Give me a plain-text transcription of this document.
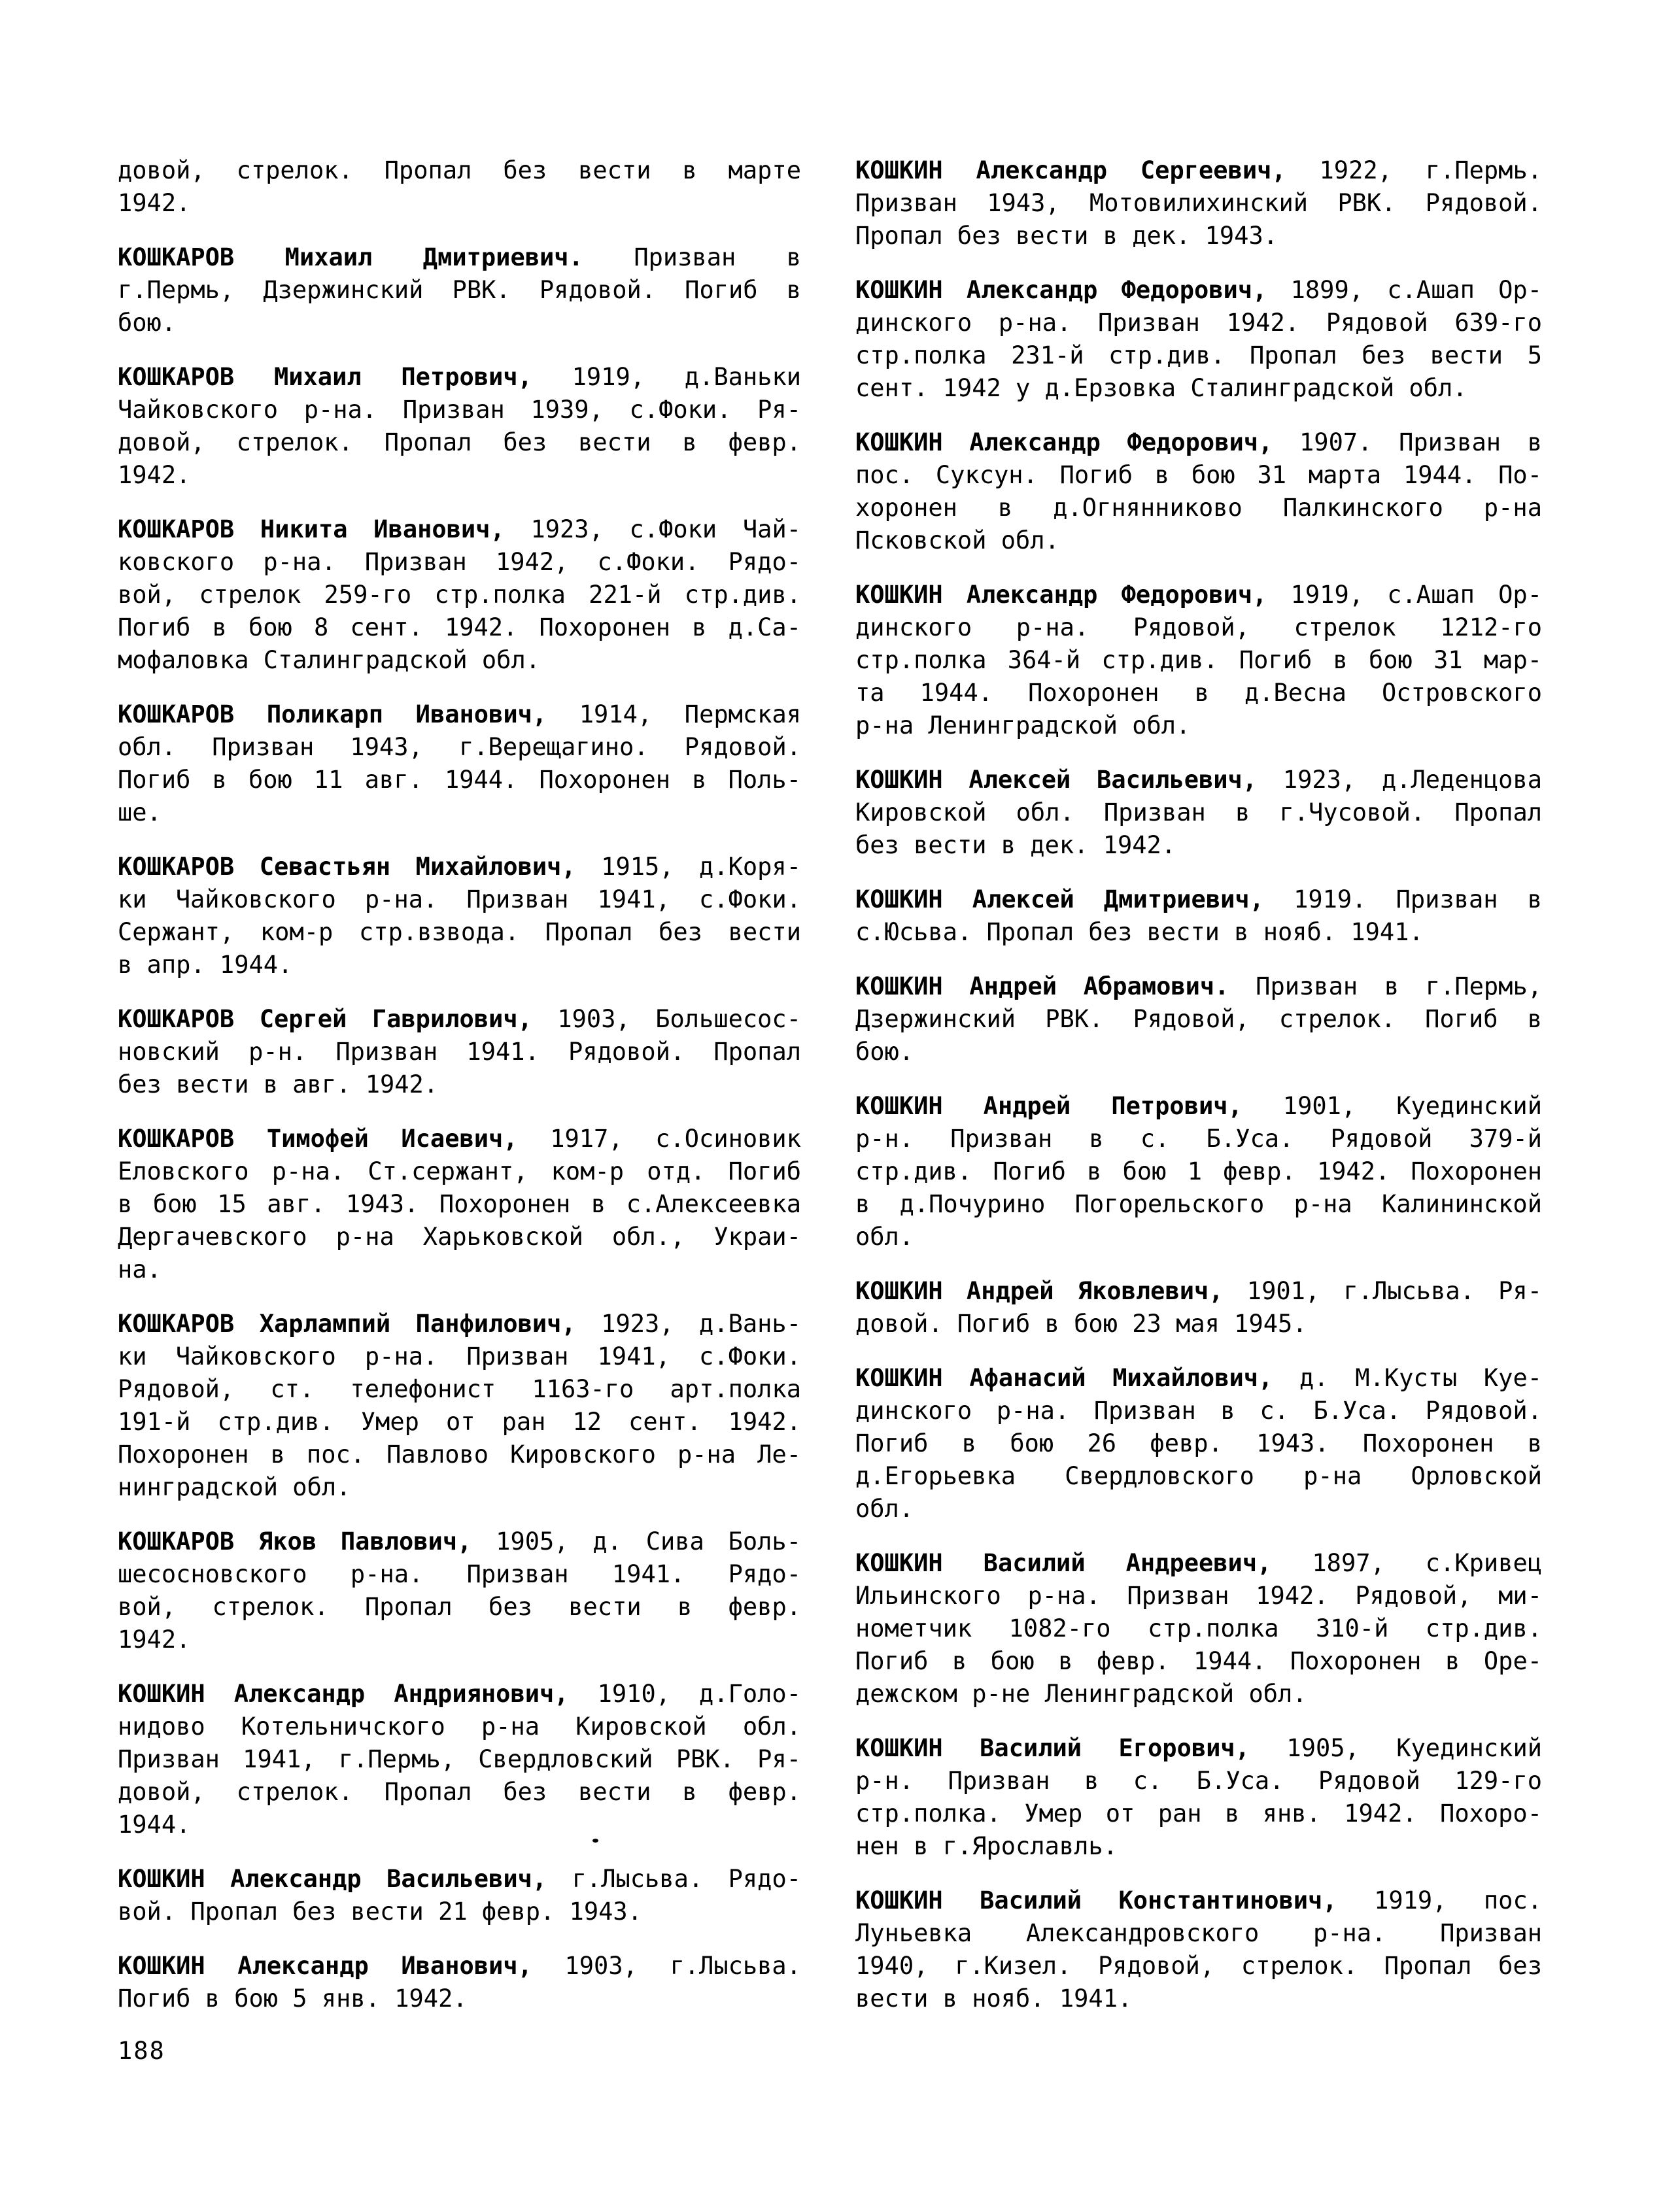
довой, стрелок. Пропал без вести в марте
1942.

КОШКАРОВ Михаил Дмитриевич. Призван в
г.Пермь, Дзержинский РВК. Рядовой. Погиб в
бою.

КОШКАРОВ Михаил Петрович, 1919, д.Ваньки
Чайковского р-на. Призван 1939, с.Фоки. Ря-
довой, стрелок. Пропал без вести в февр.
1942.

КОШКАРОВ Никита Иванович, 1923, с.Фоки Чай-
ковского р-на. Призван 1942, с.Фоки. Рядо-
вой, стрелок 259-го стр.полка 221-й стр.див.
Погиб в бою 8 сент. 1942. Похоронен в д.Са-
мофаловка Сталинградской обл.

КОШКАРОВ Поликарп Иванович, 1914, Пермская
обл. Призван 1943, г.Верещагино. Рядовой.
Погиб в бою 11 авг. 1944. Похоронен в Поль-
ше.

КОШКАРОВ Севастьян Михайлович, 1915, д.Коря-
ки Чайковского р-на. Призван 1941, с.Фоки.
Сержант, ком-р стр.взвода. Пропал без вести
в апр. 1944.

КОШКАРОВ Сергей Гаврилович, 1903, Большесос-
новский р-н. Призван 1941. Рядовой. Пропал
без вести в авг. 1942.

КОШКАРОВ Тимофей Исаевич, 1917, с.Осиновик
Еловского р-на. Ст.сержант, ком-р отд. Погиб
в бою 15 авг. 1943. Похоронен в с.Алексеевка
Дергачевского р-на Харьковской обл., Украи-
на.

КОШКАРОВ Харлампий Панфилович, 1923, д.Вань-
ки Чайковского р-на. Призван 1941, с.Фоки.
Рядовой, ст. телефонист 1163-го арт.полка
191-й стр.див. Умер от ран 12 сент. 1942.
Похоронен в пос. Павлово Кировского р-на Ле-
нинградской обл.

КОШКАРОВ Яков Павлович, 1905, д. Сива Боль-
шесосновского р-на. Призван 1941. Рядо-
вой, стрелок. Пропал без вести в февр.
1942.

КОШКИН Александр Андриянович, 1910, д.Голо-
нидово Котельничского р-на Кировской обл.
Призван 1941, г.Пермь, Свердловский РВК. Ря-
довой, стрелок. Пропал без вести в февр.
1944.

КОШКИН Александр Васильевич, г.Лысьва. Рядо-
вой. Пропал без вести 21 февр. 1943.

КОШКИН Александр Иванович, 1903, г.Лысьва.
Погиб в бою 5 янв. 1942.

КОШКИН Александр Сергеевич, 1922, г.Пермь.
Призван 1943, Мотовилихинский РВК. Рядовой.
Пропал без вести в дек. 1943.

КОШКИН Александр Федорович, 1899, с.Ашап Ор-
динского р-на. Призван 1942. Рядовой 639-го
стр.полка 231-й стр.див. Пропал без вести 5
сент. 1942 у д.Ерзовка Сталинградской обл.

КОШКИН Александр Федорович, 1907. Призван в
пос. Суксун. Погиб в бою 31 марта 1944. По-
хоронен в д.Огнянниково Палкинского р-на
Псковской обл.

КОШКИН Александр Федорович, 1919, с.Ашап Ор-
динского р-на. Рядовой, стрелок 1212-го
стр.полка 364-й стр.див. Погиб в бою 31 мар-
та 1944. Похоронен в д.Весна Островского
р-на Ленинградской обл.

КОШКИН Алексей Васильевич, 1923, д.Леденцова
Кировской обл. Призван в г.Чусовой. Пропал
без вести в дек. 1942.

КОШКИН Алексей Дмитриевич, 1919. Призван в
с.Юсьва. Пропал без вести в нояб. 1941.

КОШКИН Андрей Абрамович. Призван в г.Пермь,
Дзержинский РВК. Рядовой, стрелок. Погиб в
бою.

КОШКИН Андрей Петрович, 1901, Куединский
р-н. Призван в с. Б.Уса. Рядовой 379-й
стр.див. Погиб в бою 1 февр. 1942. Похоронен
в д.Почурино Погорельского р-на Калининской
обл.

КОШКИН Андрей Яковлевич, 1901, г.Лысьва. Ря-
довой. Погиб в бою 23 мая 1945.

КОШКИН Афанасий Михайлович, д. М.Кусты Куе-
динского р-на. Призван в с. Б.Уса. Рядовой.
Погиб в бою 26 февр. 1943. Похоронен в
д.Егорьевка Свердловского р-на Орловской
обл.

КОШКИН Василий Андреевич, 1897, с.Кривец
Ильинского р-на. Призван 1942. Рядовой, ми-
нометчик 1082-го стр.полка 310-й стр.див.
Погиб в бою в февр. 1944. Похоронен в Оре-
дежском р-не Ленинградской обл.

КОШКИН Василий Егорович, 1905, Куединский
р-н. Призван в с. Б.Уса. Рядовой 129-го
стр.полка. Умер от ран в янв. 1942. Похоро-
нен в г.Ярославль.

КОШКИН Василий Константинович, 1919, пос.
Луньевка Александровского р-на. Призван
1940, г.Кизел. Рядовой, стрелок. Пропал без
вести в нояб. 1941.

188
